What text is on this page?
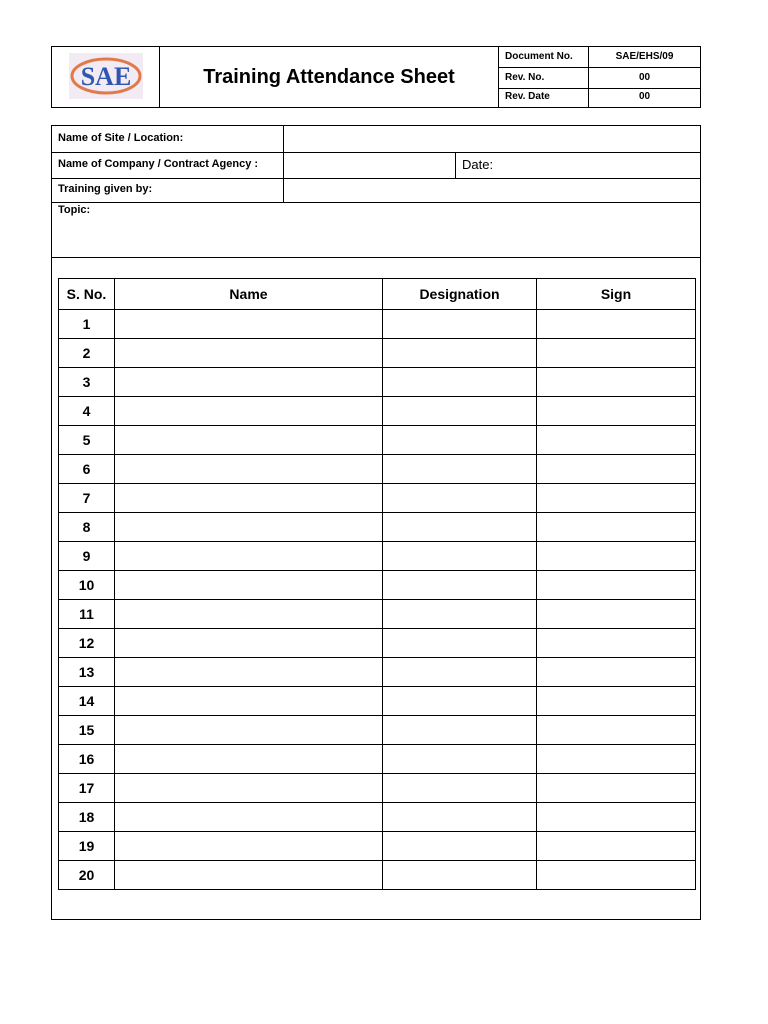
SAE	Training Attendance Sheet
Document No.	SAE/EHS/09
Rev. No.	00
Rev. Date	00
Name of Site / Location:
Name of Company / Contract Agency :	Date:
Training given by:
Topic:
S. No.	Name	Designation	Sign
1			
2			
3			
4			
5			
6			
7			
8			
9			
10			
11			
12			
13			
14			
15			
16			
17			
18			
19			
20			
